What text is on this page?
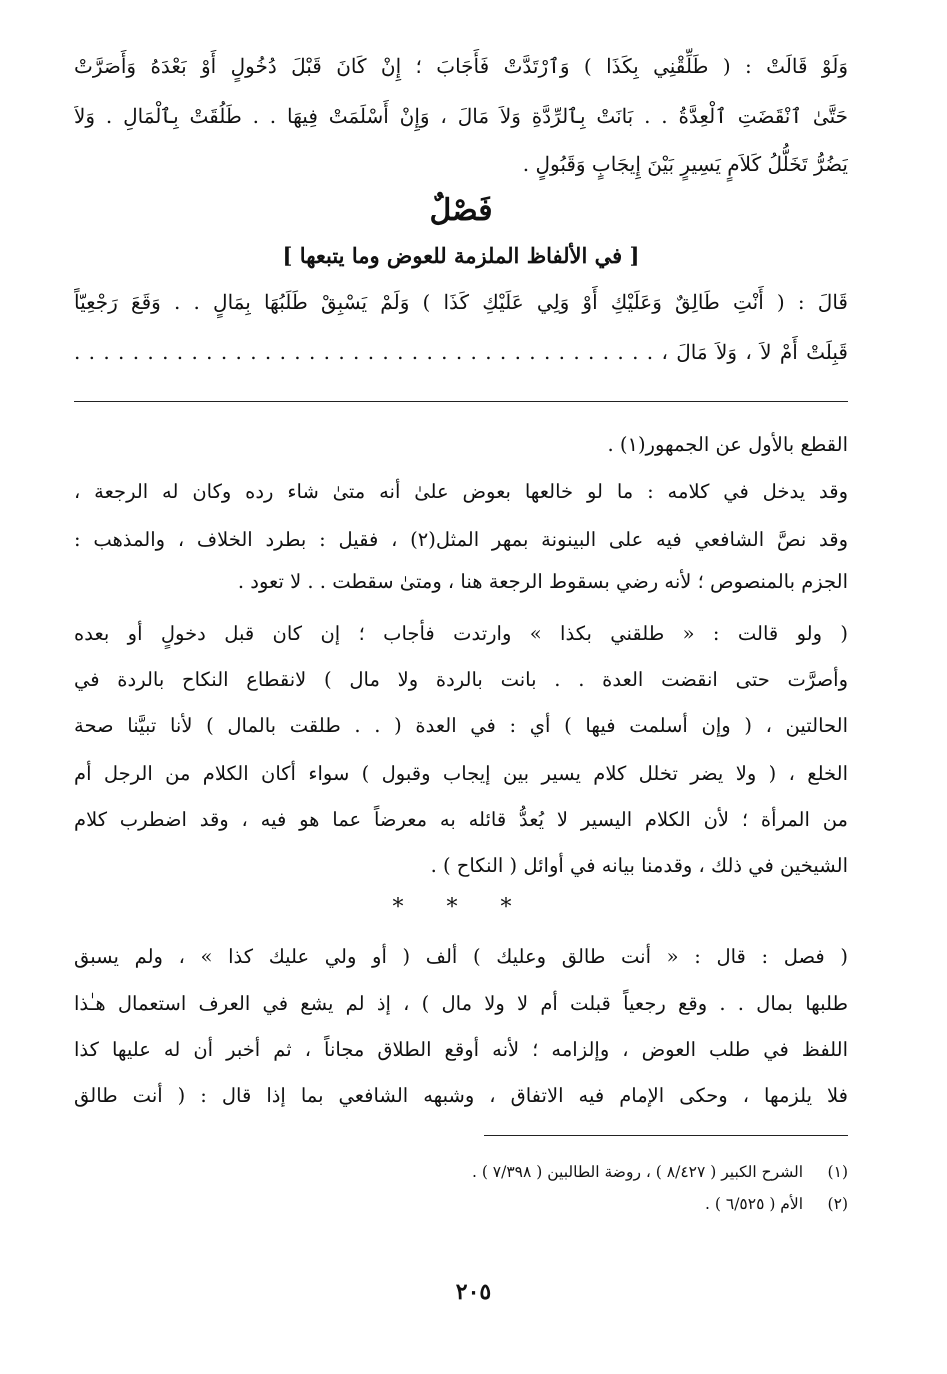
وَلَوْ قَالَتْ : ( طَلِّقْنِي بِكَذَا ) وَٱرْتَدَّتْ فَأَجَابَ ؛ إِنْ كَانَ قَبْلَ دُخُولٍ أَوْ بَعْدَهُ وَأَصَرَّتْ
حَتَّىٰ ٱنْقَضَتِ ٱلْعِدَّةُ . . بَانَتْ بِٱلرِّدَّةِ وَلاَ مَالَ ، وَإِنْ أَسْلَمَتْ فِيهَا . . طَلُقَتْ بِٱلْمَالِ . وَلاَ
يَضُرُّ تَخَلُّلُ كَلاَمٍ يَسِيرٍ بَيْنَ إِيجَابٍ وَقَبُولٍ .
فَصْلٌ
[ في الألفاظ الملزمة للعوض وما يتبعها ]
قَالَ : ( أَنْتِ طَالِقٌ وَعَلَيْكِ أَوْ وَلِي عَلَيْكِ كَذَا ) وَلَمْ يَسْبِقْ طَلَبُهَا بِمَالٍ . . وَقَعَ رَجْعِيّاً
قَبِلَتْ أَمْ لاَ ، وَلاَ مَالَ ، . . . . . . . . . . . . . . . . . . . . . . . . . . . . . . . . . . . . . . . .
القطع بالأول عن الجمهور(١) .
وقد يدخل في كلامه : ما لو خالعها بعوض علىٰ أنه متىٰ شاء رده وكان له الرجعة ،
وقد نصَّ الشافعي فيه على البينونة بمهر المثل(٢) ، فقيل : بطرد الخلاف ، والمذهب :
الجزم بالمنصوص ؛ لأنه رضي بسقوط الرجعة هنا ، ومتىٰ سقطت . . لا تعود .
( ولو قالت : « طلقني بكذا » وارتدت فأجاب ؛ إن كان قبل دخولٍ أو بعده
وأصرَّت حتى انقضت العدة . . بانت بالردة ولا مال ) لانقطاع النكاح بالردة في
الحالتين ، ( وإن أسلمت فيها ) أي : في العدة ( . . طلقت بالمال ) لأنا تبيَّنا صحة
الخلع ، ( ولا يضر تخلل كلام يسير بين إيجاب وقبول ) سواء أكان الكلام من الرجل أم
من المرأة ؛ لأن الكلام اليسير لا يُعدُّ قائله به معرضاً عما هو فيه ، وقد اضطرب كلام
الشيخين في ذلك ، وقدمنا بيانه في أوائل ( النكاح ) .
* * *
( فصل : قال : « أنت طالق وعليك ) ألف ( أو ولي عليك كذا » ، ولم يسبق
طلبها بمال . . وقع رجعياً قبلت أم لا ولا مال ) ، إذ لم يشع في العرف استعمال هـٰذا
اللفظ في طلب العوض ، وإلزامه ؛ لأنه أوقع الطلاق مجاناً ، ثم أخبر أن له عليها كذا
فلا يلزمها ، وحكى الإمام فيه الاتفاق ، وشبهه الشافعي بما إذا قال : ( أنت طالق
(١) الشرح الكبير ( ٨/٤٢٧ ) ، روضة الطالبين ( ٧/٣٩٨ ) .
(٢) الأم ( ٦/٥٢٥ ) .
٢٠٥
